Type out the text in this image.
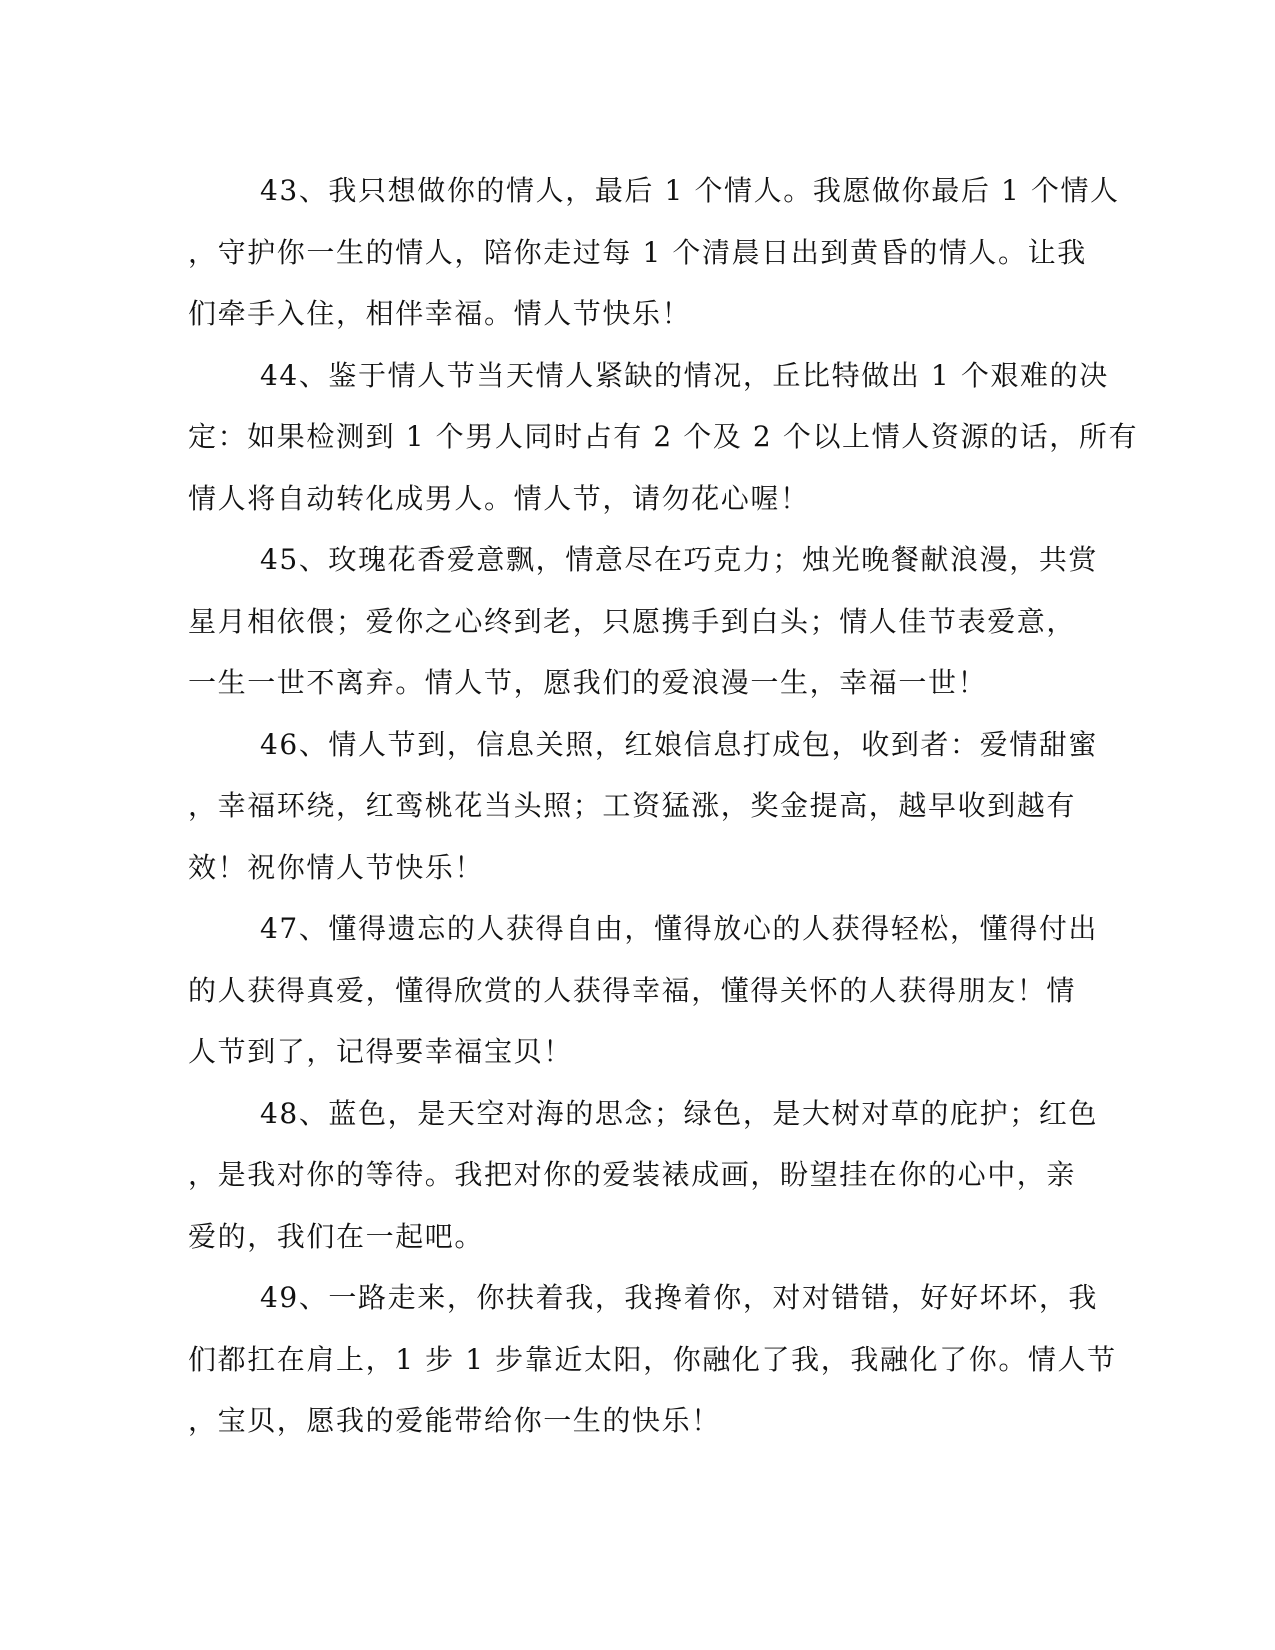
43、我只想做你的情人，最后 1 个情人。我愿做你最后 1 个情人
，守护你一生的情人，陪你走过每 1 个清晨日出到黄昏的情人。让我
们牵手入住，相伴幸福。情人节快乐！

44、鉴于情人节当天情人紧缺的情况，丘比特做出 1 个艰难的决
定：如果检测到 1 个男人同时占有 2 个及 2 个以上情人资源的话，所有
情人将自动转化成男人。情人节，请勿花心喔！

45、玫瑰花香爱意飘，情意尽在巧克力；烛光晚餐献浪漫，共赏
星月相依偎；爱你之心终到老，只愿携手到白头；情人佳节表爱意，
一生一世不离弃。情人节，愿我们的爱浪漫一生，幸福一世！

46、情人节到，信息关照，红娘信息打成包，收到者：爱情甜蜜
，幸福环绕，红鸾桃花当头照；工资猛涨，奖金提高，越早收到越有
效！祝你情人节快乐！

47、懂得遗忘的人获得自由，懂得放心的人获得轻松，懂得付出
的人获得真爱，懂得欣赏的人获得幸福，懂得关怀的人获得朋友！情
人节到了，记得要幸福宝贝！

48、蓝色，是天空对海的思念；绿色，是大树对草的庇护；红色
，是我对你的等待。我把对你的爱装裱成画，盼望挂在你的心中，亲
爱的，我们在一起吧。

49、一路走来，你扶着我，我搀着你，对对错错，好好坏坏，我
们都扛在肩上，1 步 1 步靠近太阳，你融化了我，我融化了你。情人节
，宝贝，愿我的爱能带给你一生的快乐！
